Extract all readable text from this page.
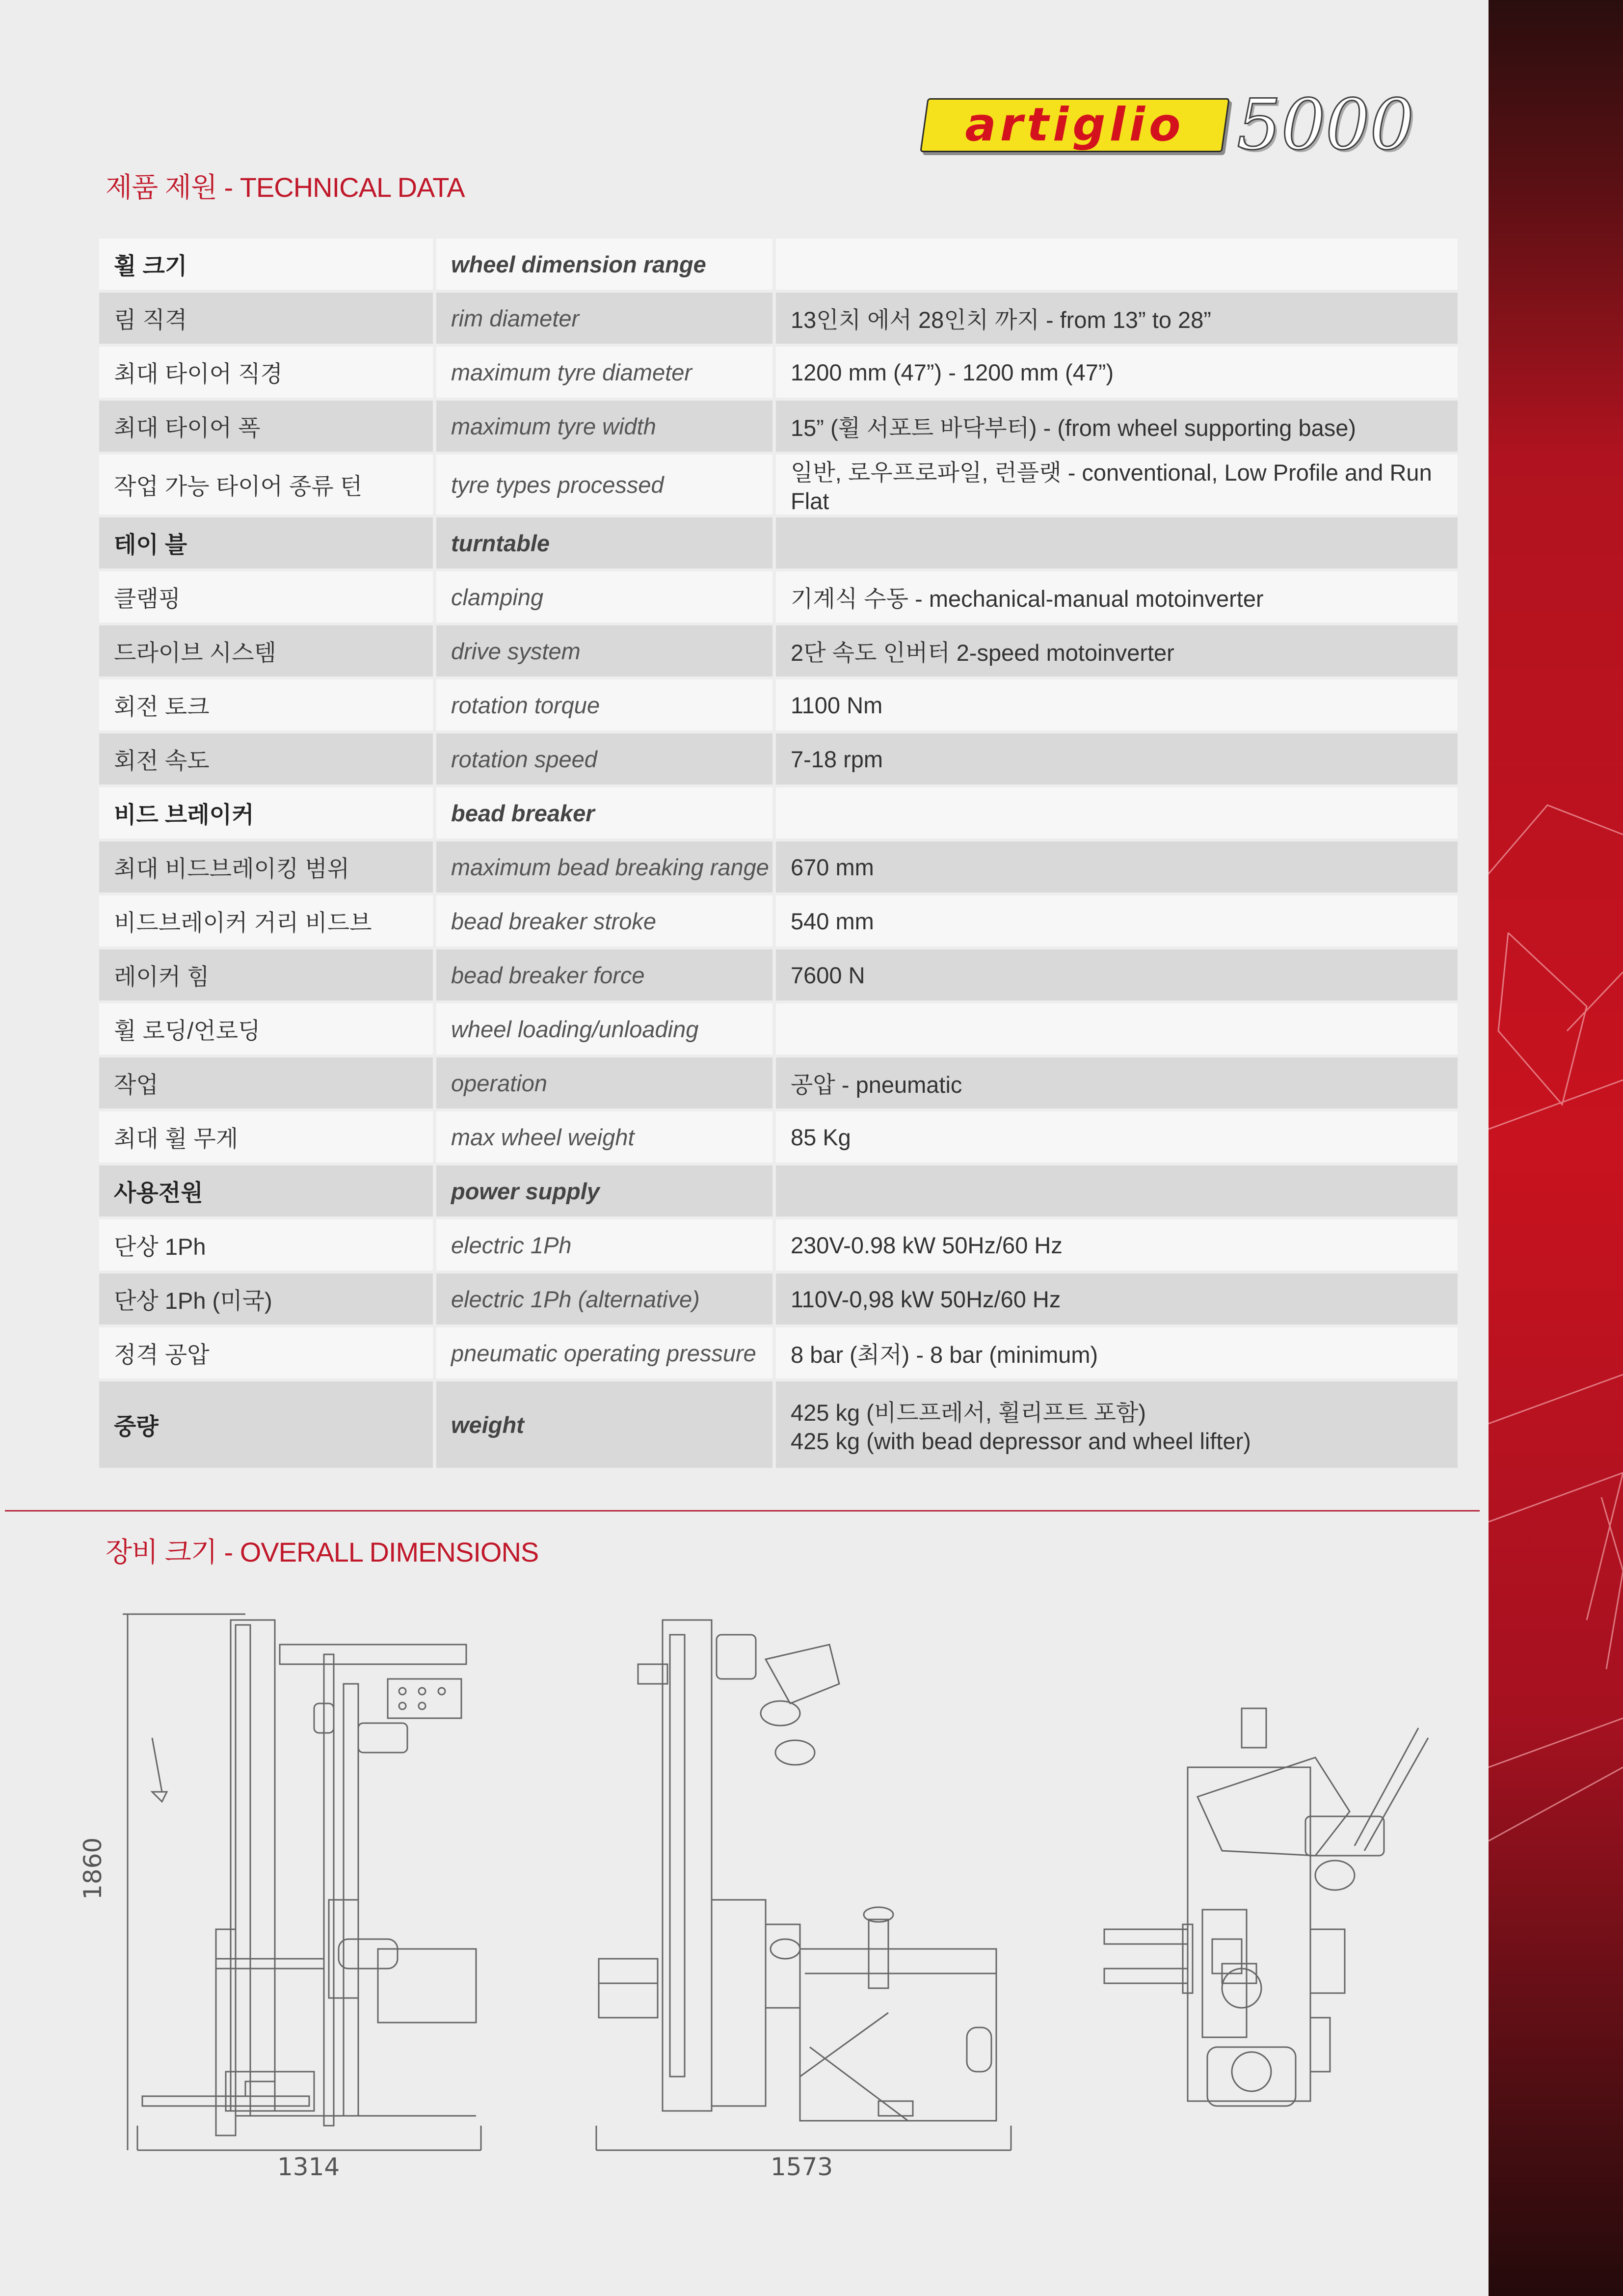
artiglio 5000
제품 제원 - TECHNICAL DATA
휠 크기	wheel dimension range	
림 직격	rim diameter	13인치 에서 28인치 까지 - from 13” to 28”
최대 타이어 직경	maximum tyre diameter	1200 mm (47”) - 1200 mm (47”)
최대 타이어 폭	maximum tyre width	15” (휠 서포트 바닥부터) - (from wheel supporting base)
작업 가능 타이어 종류 턴	tyre types processed	일반, 로우프로파일, 런플랫 - conventional, Low Profile and Run Flat
테이 블	turntable	
클램핑	clamping	기계식 수동 - mechanical-manual motoinverter
드라이브 시스템	drive system	2단 속도 인버터 2-speed motoinverter
회전 토크	rotation torque	1100 Nm
회전 속도	rotation speed	7-18 rpm
비드 브레이커	bead breaker	
최대 비드브레이킹 범위	maximum bead breaking range	670 mm
비드브레이커 거리 비드브	bead breaker stroke	540 mm
레이커 힘	bead breaker force	7600 N
휠 로딩/언로딩	wheel loading/unloading	
작업	operation	공압 - pneumatic
최대 휠 무게	max wheel weight	85 Kg
사용전원	power supply	
단상 1Ph	electric 1Ph	230V-0.98 kW 50Hz/60 Hz
단상 1Ph (미국)	electric 1Ph (alternative)	110V-0,98 kW 50Hz/60 Hz
정격 공압	pneumatic operating pressure	8 bar (최저) - 8 bar (minimum)
중량	weight	425 kg (비드프레서, 휠리프트 포함)
425 kg (with bead depressor and wheel lifter)
장비 크기 - OVERALL DIMENSIONS
1860
1314	1573
